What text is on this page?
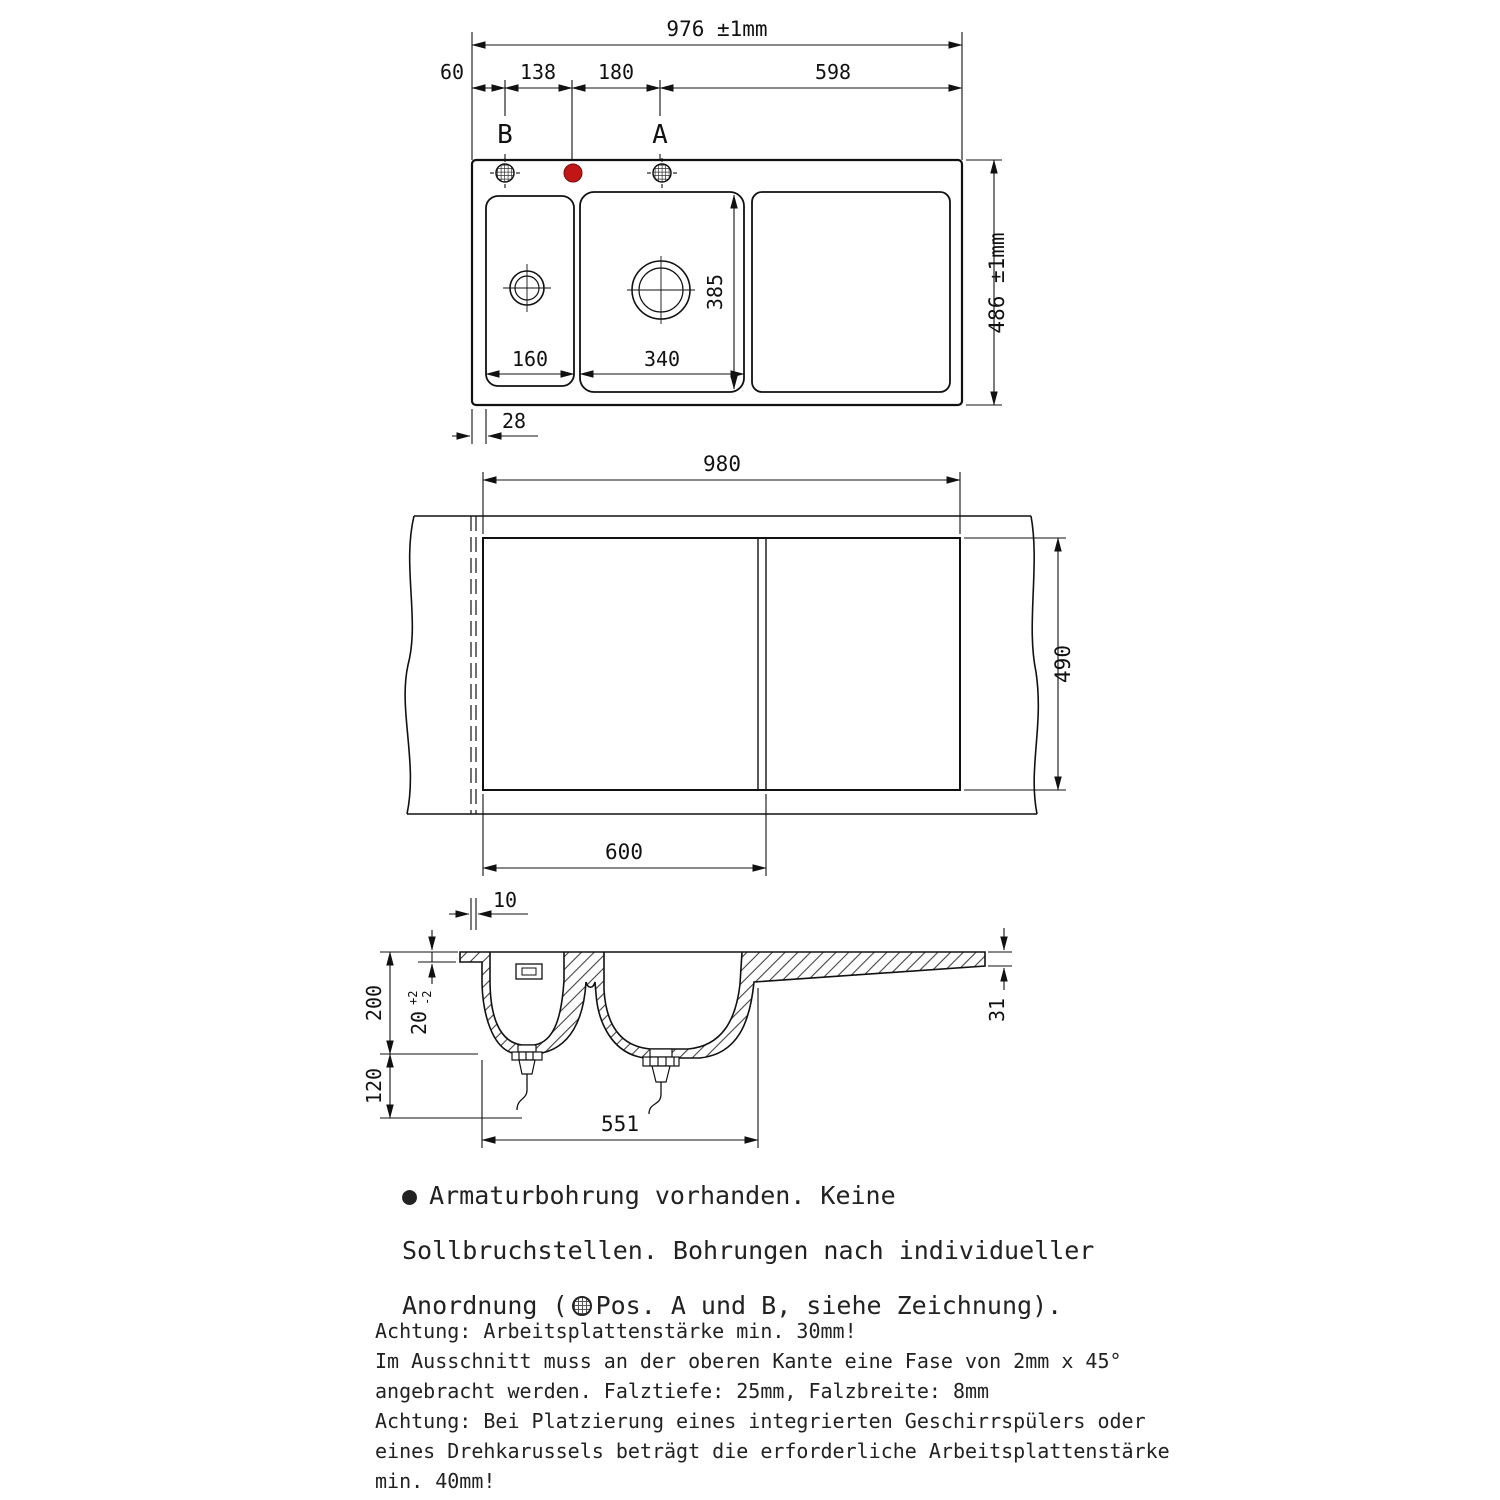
976 ±1mm
60	138 180	598
B	A
160	340
385	486 ±1mm
28
980
490
600
10
200
120
20
+2 -2
31
551
● Armaturbohrung vorhanden. Keine
Sollbruchstellen. Bohrungen nach individueller
Anordnung ( Pos. A und B, siehe Zeichnung).
Achtung: Arbeitsplattenstärke min. 30mm!
Im Ausschnitt muss an der oberen Kante eine Fase von 2mm x 45°
angebracht werden. Falztiefe: 25mm, Falzbreite: 8mm
Achtung: Bei Platzierung eines integrierten Geschirrspülers oder
eines Drehkarussels beträgt die erforderliche Arbeitsplattenstärke
min. 40mm!
